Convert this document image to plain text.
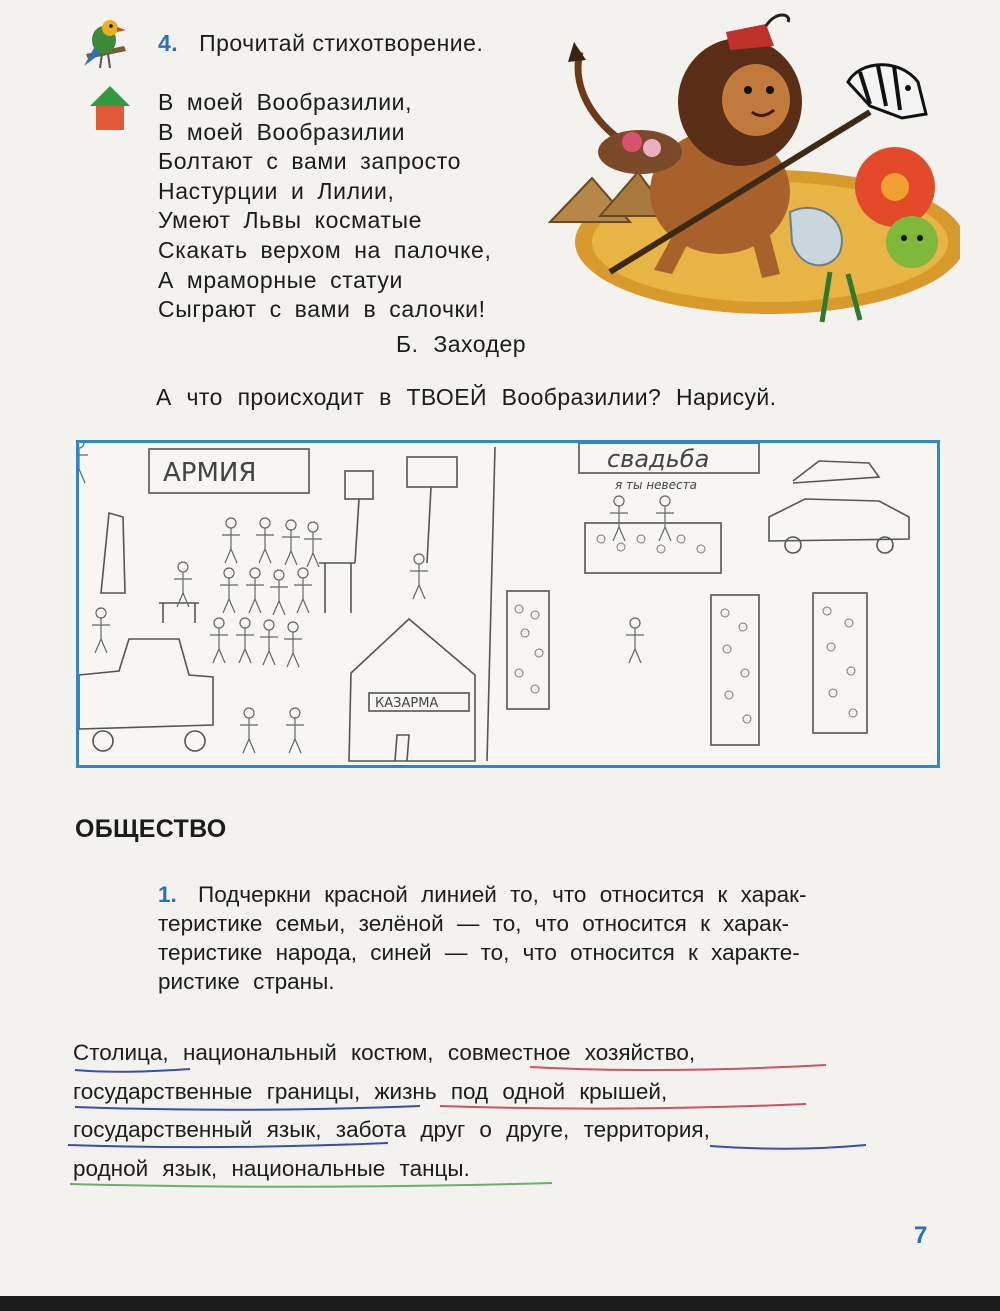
4. Прочитай стихотворение.
В моей Вообразилии,
В моей Вообразилии
Болтают с вами запросто
Настурции и Лилии,
Умеют Львы косматые
Скакать верхом на палочке,
А мраморные статуи
Сыграют с вами в салочки!
Б. Заходер
А что происходит в ТВОЕЙ Вообразилии? Нарисуй.
АРМИЯ	свадьба
я ты невеста
КАЗАРМА
ОБЩЕСТВО

1. Подчеркни красной линией то, что относится к харак-

теристике семьи, зелёной — то, что относится к харак-

теристике народа, синей — то, что относится к характе-

ристике страны.

Столица, национальный костюм, совместное хозяйство,
государственные границы, жизнь под одной крышей,
государственный язык, забота друг о друге, территория,
родной язык, национальные танцы.
7
